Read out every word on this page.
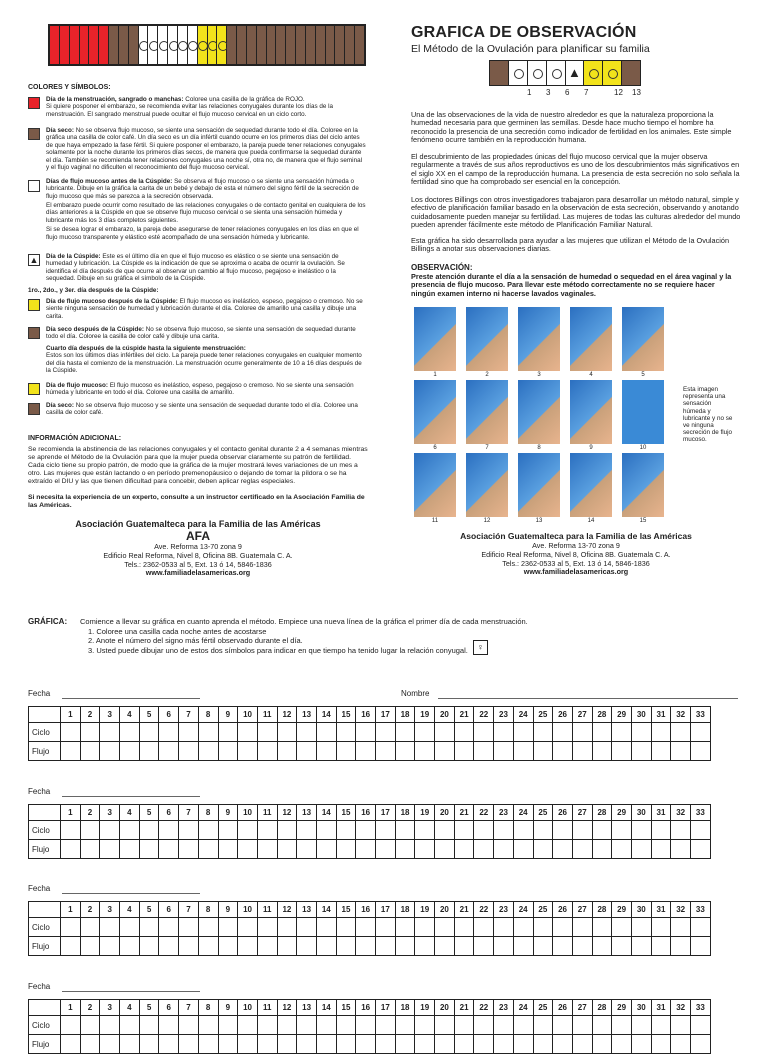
GRAFICA DE OBSERVACIÓN
El Método de la Ovulación para planificar su familia
▲
1 3 6 7	12 13
COLORES Y SÍMBOLOS:
Día de la menstruación, sangrado o manchas: Coloree una casilla de la gráfica de ROJO.
Si quiere posponer el embarazo, se recomienda evitar las relaciones conyugales durante los días de la menstruación. El sangrado menstrual puede ocultar el flujo mucoso cervical en un ciclo corto.
Día seco: No se observa flujo mucoso, se siente una sensación de sequedad durante todo el día. Coloree en la gráfica una casilla de color café. Un día seco es un día infértil cuando ocurre en los primeros días del ciclo antes de que haya empezado la fase fértil. Si quiere posponer el embarazo, la pareja puede tener relaciones conyugales solamente por la noche durante los primeros días secos, de manera que pueda confirmarse la sequedad durante el día. También se recomienda tener relaciones conyugales una noche sí, otra no, de manera que el flujo seminal y el flujo vaginal no dificulten el reconocimiento del flujo mucoso cervical.
Días de flujo mucoso antes de la Cúspide: Se observa el flujo mucoso o se siente una sensación húmeda o lubricante. Dibuje en la gráfica la carita de un bebé y debajo de esta el número del signo fértil de la secreción de flujo mucoso que más se parezca a la secreción observada.
El embarazo puede ocurrir como resultado de las relaciones conyugales o de contacto genital en cualquiera de los días anteriores a la Cúspide en que se observe flujo mucoso cervical o se sienta una sensación húmeda y lubricante más los 3 días completos siguientes.
Si se desea lograr el embarazo, la pareja debe asegurarse de tener relaciones conyugales en los días en que el flujo mucoso transparente y elástico esté acompañado de una sensación húmeda y lubricante.
▲ Día de la Cúspide: Este es el último día en que el flujo mucoso es elástico o se siente una sensación de humedad y lubricación. La Cúspide es la indicación de que se aproxima o acaba de ocurrir la ovulación. Se identifica el día después de que ocurre al observar un cambio al flujo mucoso, pegajoso e inelástico o la sequedad. Dibuje en su gráfica el símbolo de la Cúspide.
1ro., 2do., y 3er. día después de la Cúspide:
Día de flujo mucoso después de la Cúspide: El flujo mucoso es inelástico, espeso, pegajoso o cremoso. No se siente ninguna sensación de humedad y lubricación durante el día. Coloree de amarillo una casilla y dibuje una carita.
Día seco después de la Cúspide: No se observa flujo mucoso, se siente una sensación de sequedad durante todo el día. Coloree la casilla de color café y dibuje una carita.
Cuarto día después de la cúspide hasta la siguiente menstruación:
Estos son los últimos días infértiles del ciclo. La pareja puede tener relaciones conyugales en cualquier momento del día hasta el comienzo de la menstruación. La menstruación ocurre generalmente de 10 a 16 días después de la Cúspide.
Día de flujo mucoso: El flujo mucoso es inelástico, espeso, pegajoso o cremoso. No se siente una sensación húmeda y lubricante en todo el día. Coloree una casilla de amarillo.
Día seco: No se observa flujo mucoso y se siente una sensación de sequedad durante todo el día. Coloree una casilla de color café.
INFORMACIÓN ADICIONAL:
Se recomienda la abstinencia de las relaciones conyugales y el contacto genital durante 2 a 4 semanas mientras se aprende el Método de la Ovulación para que la mujer pueda observar claramente su patrón de fertilidad. Cada ciclo tiene su propio patrón, de modo que la gráfica de la mujer mostrará leves variaciones de un mes a otro. Las mujeres que están lactando o en período premenopáusico o dejando de tomar la píldora o se ha extraído el DIU y las que tienen dificultad para concebir, deben aplicar reglas especiales.
Si necesita la experiencia de un experto, consulte a un instructor certificado en la Asociación Familia de las Américas.
Asociación Guatemalteca para la Familia de las Américas
AFA
Ave. Reforma 13-70 zona 9
Edificio Real Reforma, Nivel 8, Oficina 8B. Guatemala C. A.
Tels.: 2362-0533 al 5, Ext. 13 ó 14, 5846-1836
www.familiadelasamericas.org
Una de las observaciones de la vida de nuestro alrededor es que la naturaleza proporciona la humedad necesaria para que germinen las semillas. Desde hace mucho tiempo el hombre ha reconocido la presencia de una secreción como indicador de fertilidad en los animales. Este simple fenómeno ocurre también en la reproducción humana.
El descubrimiento de las propiedades únicas del flujo mucoso cervical que la mujer observa regularmente a través de sus años reproductivos es uno de los descubrimientos más significativos en el siglo XX en el campo de la reproducción humana. La presencia de esta secreción no solo señala la fertilidad sino que ha comprobado ser esencial en la concepción.
Los doctores Billings con otros investigadores trabajaron para desarrollar un método natural, simple y efectivo de planificación familiar basado en la observación de esta secreción, observando y anotando cuidadosamente pueden manejar su fertilidad. Las mujeres de todas las culturas alrededor del mundo pueden aprender fácilmente este método de Planificación Familiar Natural.
Esta gráfica ha sido desarrollada para ayudar a las mujeres que utilizan el Método de la Ovulación Billings a anotar sus observaciones diarias.
OBSERVACIÓN:
Preste atención durante el día a la sensación de humedad o sequedad en el área vaginal y la presencia de flujo mucoso. Para llevar este método correctamente no se requiere hacer ningún examen interno ni hacerse lavados vaginales.
1	2	3	4	5
6	7	8	9	10
11	12	13	14	15
Esta imagen representa una sensación húmeda y lubricante y no se ve ninguna secreción de flujo mucoso.
Asociación Guatemalteca para la Familia de las Américas
Ave. Reforma 13-70 zona 9
Edificio Real Reforma, Nivel 8, Oficina 8B. Guatemala C. A.
Tels.: 2362-0533 al 5, Ext. 13 ó 14, 5846-1836
www.familiadelasamericas.org
GRÁFICA: Comience a llevar su gráfica en cuanto aprenda el método. Empiece una nueva línea de la gráfica el primer día de cada menstruación.
1. Coloree una casilla cada noche antes de acostarse
2. Anote el número del signo más fértil observado durante el día.
3. Usted puede dibujar uno de estos dos símbolos para indicar en que tiempo ha tenido lugar la relación conyugal.	♀
Fecha	Nombre
	1	2	3	4	5	6	7	8	9	10	11	12	13	14	15	16	17	18	19	20	21	22	23	24	25	26	27	28	29	30	31	32	33
Ciclo																																	
Flujo																																	
Fecha
	1	2	3	4	5	6	7	8	9	10	11	12	13	14	15	16	17	18	19	20	21	22	23	24	25	26	27	28	29	30	31	32	33
Ciclo																																	
Flujo																																	
Fecha
	1	2	3	4	5	6	7	8	9	10	11	12	13	14	15	16	17	18	19	20	21	22	23	24	25	26	27	28	29	30	31	32	33
Ciclo																																	
Flujo																																	
Fecha
	1	2	3	4	5	6	7	8	9	10	11	12	13	14	15	16	17	18	19	20	21	22	23	24	25	26	27	28	29	30	31	32	33
Ciclo																																	
Flujo																																	
